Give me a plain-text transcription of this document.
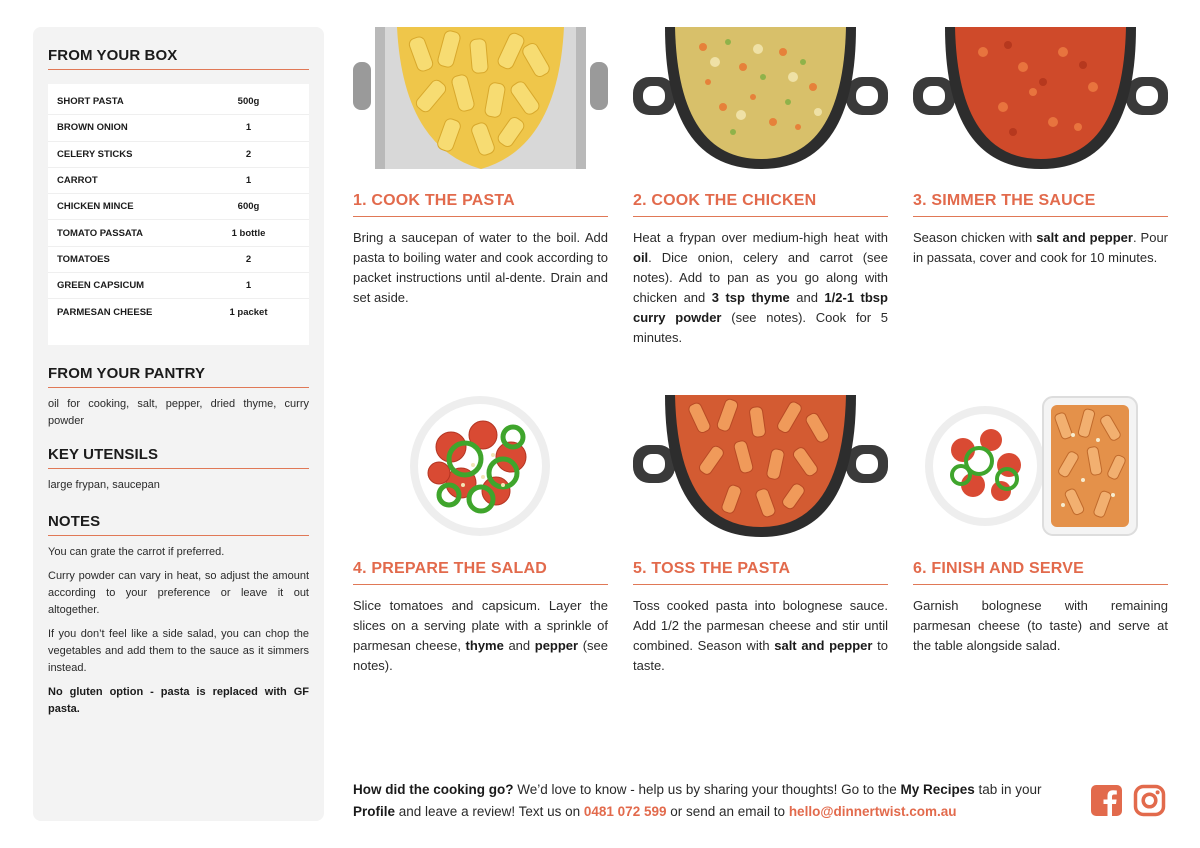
FROM YOUR BOX
SHORT PASTA	500g
BROWN ONION	1
CELERY STICKS	2
CARROT	1
CHICKEN MINCE	600g
TOMATO PASSATA	1 bottle
TOMATOES	2
GREEN CAPSICUM	1
PARMESAN CHEESE	1 packet
FROM YOUR PANTRY
oil for cooking, salt, pepper, dried thyme, curry powder
KEY UTENSILS
large frypan, saucepan
NOTES

You can grate the carrot if preferred.

Curry powder can vary in heat, so adjust the amount according to your preference or leave it out altogether.

If you don’t feel like a side salad, you can chop the vegetables and add them to the sauce as it simmers instead.

No gluten option - pasta is replaced with GF pasta.

1. COOK THE PASTA
Bring a saucepan of water to the boil. Add pasta to boiling water and cook according to packet instructions until al-dente. Drain and set aside.
2. COOK THE CHICKEN
Heat a frypan over medium-high heat with oil. Dice onion, celery and carrot (see notes). Add to pan as you go along with chicken and 3 tsp thyme and 1/2-1 tbsp curry powder (see notes). Cook for 5 minutes.
3. SIMMER THE SAUCE
Season chicken with salt and pepper. Pour in passata, cover and cook for 10 minutes.
4. PREPARE THE SALAD
Slice tomatoes and capsicum. Layer the slices on a serving plate with a sprinkle of parmesan cheese, thyme and pepper (see notes).
5. TOSS THE PASTA
Toss cooked pasta into bolognese sauce. Add 1/2 the parmesan cheese and stir until combined. Season with salt and pepper to taste.
6. FINISH AND SERVE
Garnish bolognese with remaining parmesan cheese (to taste) and serve at the table alongside salad.
How did the cooking go? We’d love to know - help us by sharing your thoughts! Go to the My Recipes tab in your Profile and leave a review! Text us on 0481 072 599 or send an email to hello@dinnertwist.com.au
